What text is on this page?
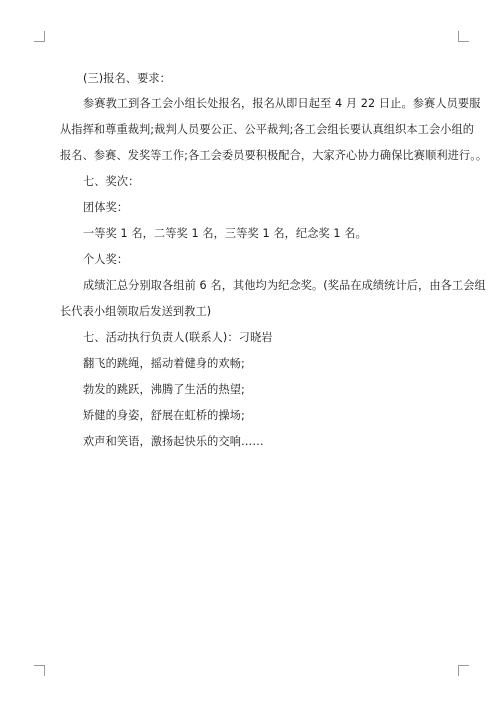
(三)报名、要求：
参赛教工到各工会小组长处报名，报名从即日起至 4 月 22 日止。参赛人员要服
从指挥和尊重裁判;裁判人员要公正、公平裁判;各工会组长要认真组织本工会小组的
报名、参赛、发奖等工作;各工会委员要积极配合，大家齐心协力确保比赛顺利进行。。
七、奖次：
团体奖：
一等奖 1 名，二等奖 1 名，三等奖 1 名，纪念奖 1 名。
个人奖：
成绩汇总分别取各组前 6 名，其他均为纪念奖。(奖品在成绩统计后，由各工会组
长代表小组领取后发送到教工)
七、活动执行负责人(联系人)：刁晓岩
翻飞的跳绳，摇动着健身的欢畅;
勃发的跳跃，沸腾了生活的热望;
矫健的身姿，舒展在虹桥的操场;
欢声和笑语，激扬起快乐的交响……
